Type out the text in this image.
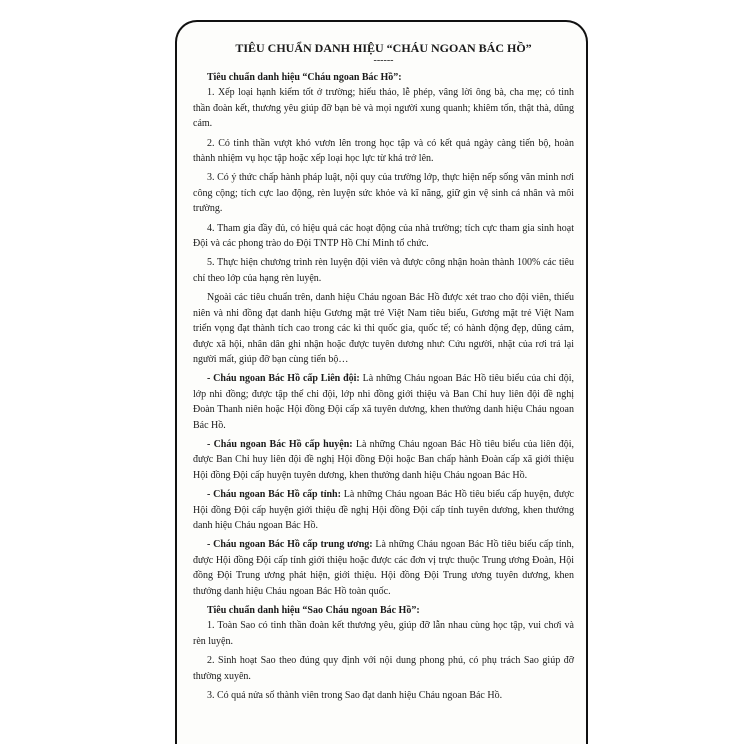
TIÊU CHUẨN DANH HIỆU “CHÁU NGOAN BÁC HỒ”
------

Tiêu chuẩn danh hiệu “Cháu ngoan Bác Hồ”:

1. Xếp loại hạnh kiểm tốt ở trường; hiếu thảo, lễ phép, vâng lời ông bà, cha mẹ; có tinh thần đoàn kết, thương yêu giúp đỡ bạn bè và mọi người xung quanh; khiêm tốn, thật thà, dũng cảm.

2. Có tinh thần vượt khó vươn lên trong học tập và có kết quả ngày càng tiến bộ, hoàn thành nhiệm vụ học tập hoặc xếp loại học lực từ khá trở lên.

3. Có ý thức chấp hành pháp luật, nội quy của trường lớp, thực hiện nếp sống văn minh nơi công cộng; tích cực lao động, rèn luyện sức khỏe và kĩ năng, giữ gìn vệ sinh cá nhân và môi trường.

4. Tham gia đầy đủ, có hiệu quả các hoạt động của nhà trường; tích cực tham gia sinh hoạt Đội và các phong trào do Đội TNTP Hồ Chí Minh tổ chức.

5. Thực hiện chương trình rèn luyện đội viên và được công nhận hoàn thành 100% các tiêu chí theo lớp của hạng rèn luyện.

Ngoài các tiêu chuẩn trên, danh hiệu Cháu ngoan Bác Hồ được xét trao cho đội viên, thiếu niên và nhi đồng đạt danh hiệu Gương mặt trẻ Việt Nam tiêu biểu, Gương mặt trẻ Việt Nam triển vọng đạt thành tích cao trong các kì thi quốc gia, quốc tế; có hành động đẹp, dũng cảm, được xã hội, nhân dân ghi nhận hoặc được tuyên dương như: Cứu người, nhặt của rơi trả lại người mất, giúp đỡ bạn cùng tiến bộ…

- Cháu ngoan Bác Hồ cấp Liên đội: Là những Cháu ngoan Bác Hồ tiêu biểu của chi đội, lớp nhi đồng; được tập thể chi đội, lớp nhi đồng giới thiệu và Ban Chỉ huy liên đội đề nghị Đoàn Thanh niên hoặc Hội đồng Đội cấp xã tuyên dương, khen thưởng danh hiệu Cháu ngoan Bác Hồ.

- Cháu ngoan Bác Hồ cấp huyện: Là những Cháu ngoan Bác Hồ tiêu biểu của liên đội, được Ban Chỉ huy liên đội đề nghị Hội đồng Đội hoặc Ban chấp hành Đoàn cấp xã giới thiệu Hội đồng Đội cấp huyện tuyên dương, khen thưởng danh hiệu Cháu ngoan Bác Hồ.

- Cháu ngoan Bác Hồ cấp tỉnh: Là những Cháu ngoan Bác Hồ tiêu biểu cấp huyện, được Hội đồng Đội cấp huyện giới thiệu đề nghị Hội đồng Đội cấp tỉnh tuyên dương, khen thưởng danh hiệu Cháu ngoan Bác Hồ.

- Cháu ngoan Bác Hồ cấp trung ương: Là những Cháu ngoan Bác Hồ tiêu biểu cấp tỉnh, được Hội đồng Đội cấp tỉnh giới thiệu hoặc được các đơn vị trực thuộc Trung ương Đoàn, Hội đồng Đội Trung ương phát hiện, giới thiệu. Hội đồng Đội Trung ương tuyên dương, khen thưởng danh hiệu Cháu ngoan Bác Hồ toàn quốc.

Tiêu chuẩn danh hiệu “Sao Cháu ngoan Bác Hồ”:

1. Toàn Sao có tinh thần đoàn kết thương yêu, giúp đỡ lẫn nhau cùng học tập, vui chơi và rèn luyện.

2. Sinh hoạt Sao theo đúng quy định với nội dung phong phú, có phụ trách Sao giúp đỡ thường xuyên.

3. Có quá nửa số thành viên trong Sao đạt danh hiệu Cháu ngoan Bác Hồ.
